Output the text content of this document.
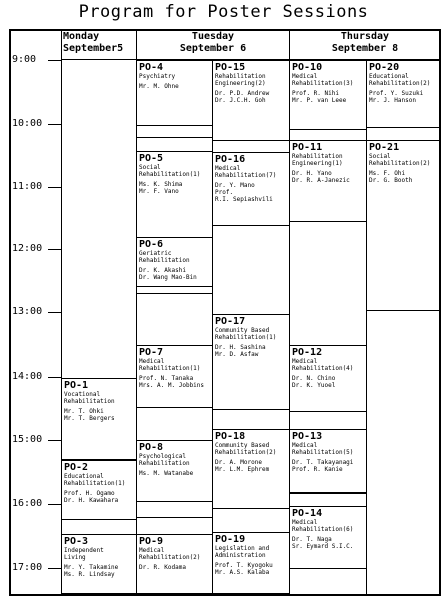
Program for Poster Sessions
Monday
September5
Tuesday
September 6
Thursday
September 8
9:00
10:00
11:00
12:00
13:00
14:00
15:00
16:00
17:00
PO-1
Vocational
Rehabilitation
Mr. T. Ohki
Mr. T. Bergers
PO-2
Educational
Rehabilitation(1)
Prof. H. Ogamo
Dr. H. Kawahara
PO-3
Independent
Living
Mr. Y. Takamine
Ms. R. Lindsay
PO-4
Psychiatry
Mr. M. Ohne
PO-5
Social
Rehabilitation(1)
Ms. K. Shima
Mr. F. Vano
PO-6
Geriatric
Rehabilitation
Dr. K. Akashi
Dr. Wang Mao-Bin
PO-7
Medical
Rehabilitation(1)
Prof. N. Tanaka
Mrs. A. M. Jobbins
PO-8
Psychological
Rehabilitation
Ms. M. Watanabe
PO-9
Medical
Rehabilitation(2)
Dr. R. Kodama
PO-15
Rehabilitation
Engineering(2)
Dr. P.D. Andrew
Dr. J.C.H. Goh
PO-16
Medical
Rehabilitation(7)
Dr. Y. Mano
Prof.
R.I. Sepiashvili
PO-17
Community Based
Rehabilitation(1)
Dr. H. Sashina
Mr. D. Asfaw
PO-18
Community Based
Rehabilitation(2)
Dr. A. Morone
Mr. L.M. Ephrem
PO-19
Legislation and
Administration
Prof. T. Kyogoku
Mr. A.S. Kalaba
PO-10
Medical
Rehabilitation(3)
Prof. R. Nihi
Mr. P. van Leee
PO-11
Rehabilitation
Engineering(1)
Dr. H. Yano
Dr. R. A-Janezic
PO-12
Medical
Rehabilitation(4)
Dr. N. Chino
Dr. K. Yuoel
PO-13
Medical
Rehabilitation(5)
Dr. T. Takayanagi
Prof. R. Kanie
PO-14
Medical
Rehabilitation(6)
Dr. T. Naga
Sr. Eymard S.I.C.
PO-20
Educational
Rehabilitation(2)
Prof. Y. Suzuki
Mr. J. Hanson
PO-21
Social
Rehabilitation(2)
Ms. F. Ohi
Dr. G. Booth
